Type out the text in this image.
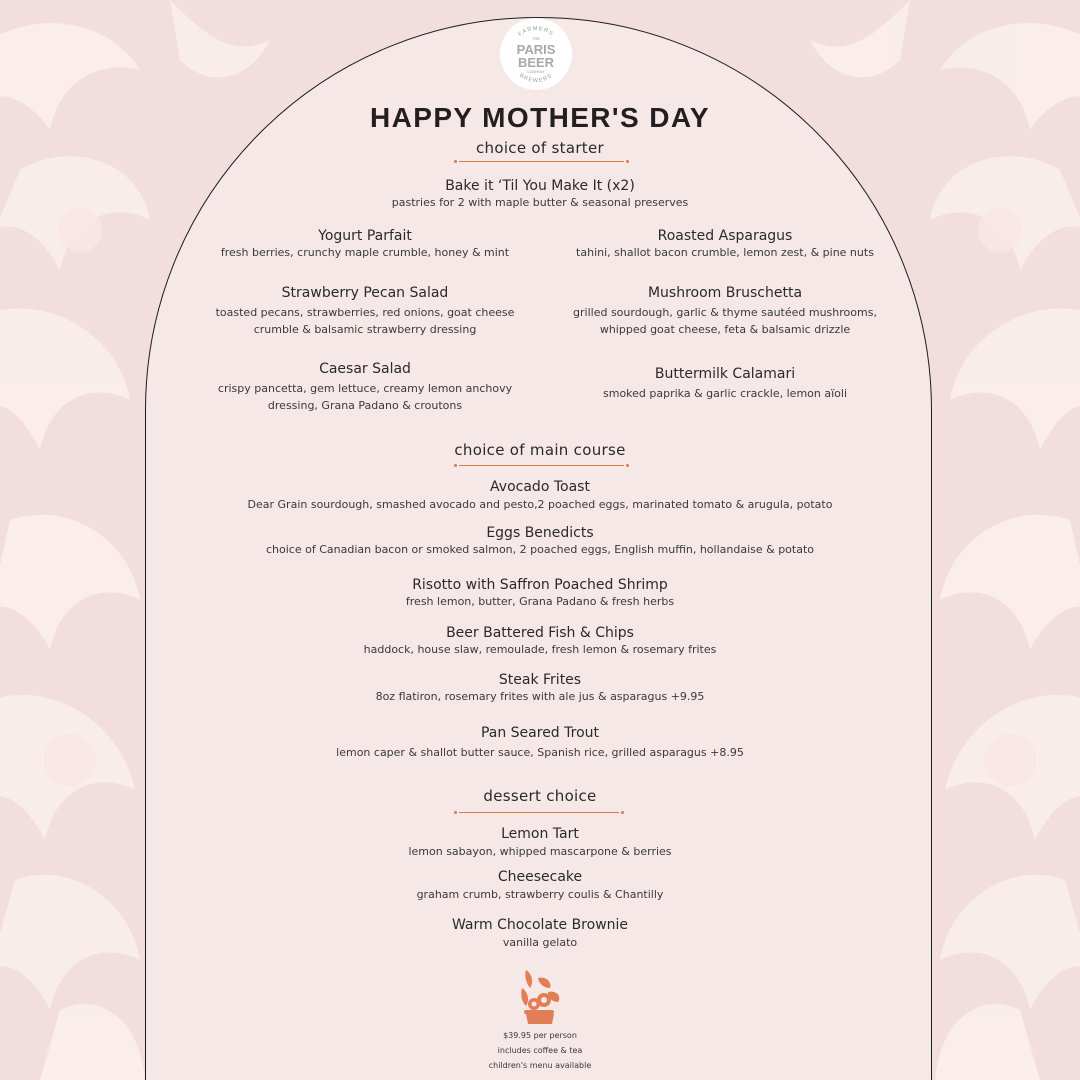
FARMERS
THE
PARIS
BEER
COMPANY
BREWERS
HAPPY MOTHER'S DAY
choice of starter
Bake it ‘Til You Make It (x2)
pastries for 2 with maple butter & seasonal preserves
Yogurt Parfait
fresh berries, crunchy maple crumble, honey & mint
Strawberry Pecan Salad
toasted pecans, strawberries, red onions, goat cheese
crumble & balsamic strawberry dressing
Caesar Salad
crispy pancetta, gem lettuce, creamy lemon anchovy
dressing, Grana Padano & croutons
Roasted Asparagus
tahini, shallot bacon crumble, lemon zest, & pine nuts
Mushroom Bruschetta
grilled sourdough, garlic & thyme sautéed mushrooms,
whipped goat cheese, feta & balsamic drizzle
Buttermilk Calamari
smoked paprika & garlic crackle, lemon aïoli
choice of main course
Avocado Toast
Dear Grain sourdough, smashed avocado and pesto,2 poached eggs, marinated tomato & arugula, potato
Eggs Benedicts
choice of Canadian bacon or smoked salmon, 2 poached eggs, English muffin, hollandaise & potato
Risotto with Saffron Poached Shrimp
fresh lemon, butter, Grana Padano & fresh herbs
Beer Battered Fish & Chips
haddock, house slaw, remoulade, fresh lemon & rosemary frites
Steak Frites
8oz flatiron, rosemary frites with ale jus & asparagus +9.95
Pan Seared Trout
lemon caper & shallot butter sauce, Spanish rice, grilled asparagus +8.95
dessert choice
Lemon Tart
lemon sabayon, whipped mascarpone & berries
Cheesecake
graham crumb, strawberry coulis & Chantilly
Warm Chocolate Brownie
vanilla gelato
$39.95 per person
includes coffee & tea
children's menu available
